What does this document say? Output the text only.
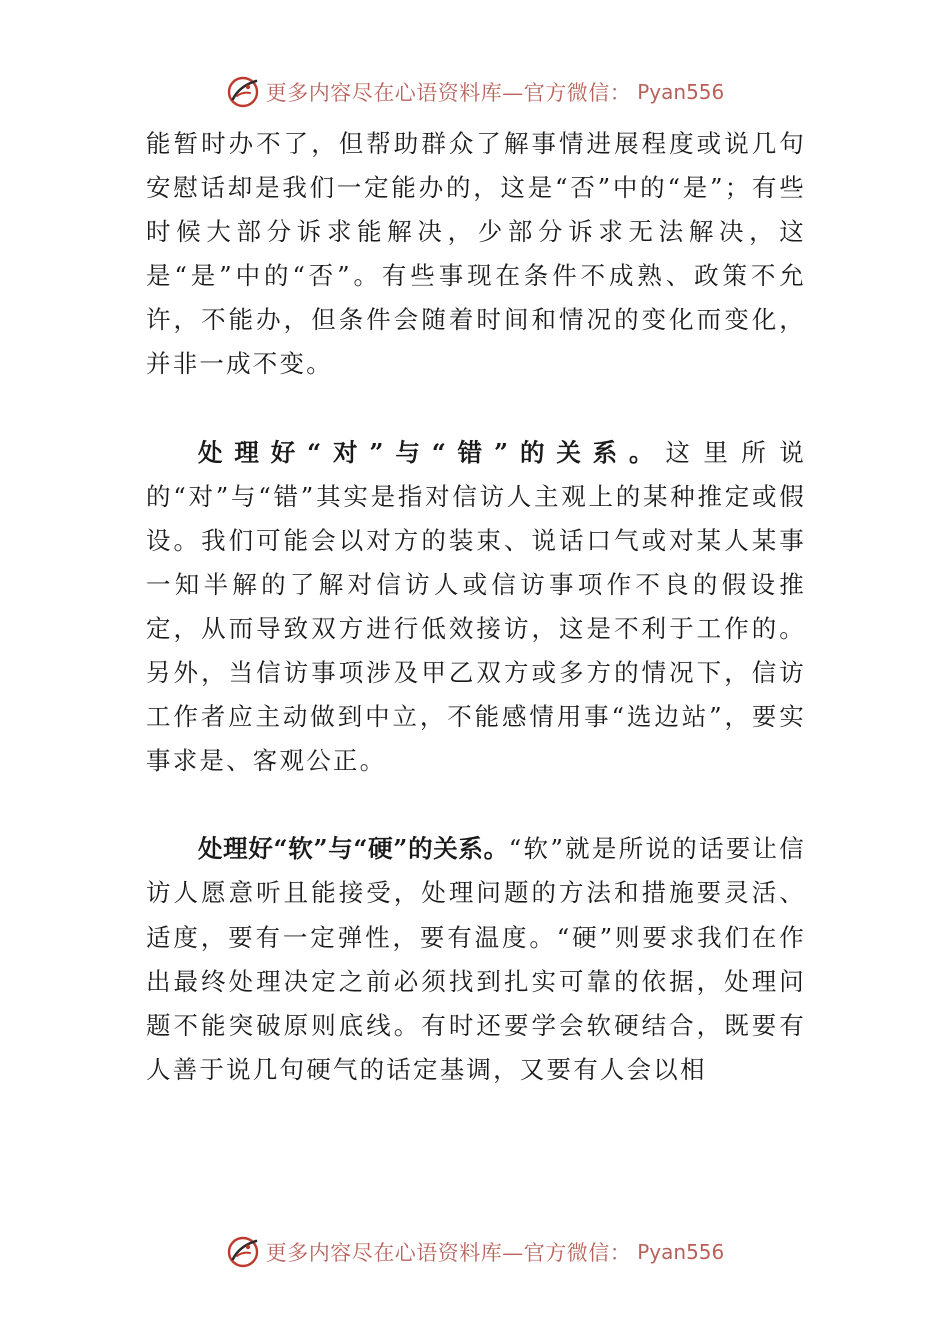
更多内容尽在心语资料库—官方微信： Pyan556

能暂时办不了，但帮助群众了解事情进展程度或说几句安慰话却是我们一定能办的，这是“否”中的“是”；有些时候大部分诉求能解决，少部分诉求无法解决，这是“是”中的“否”。有些事现在条件不成熟、政策不允许，不能办，但条件会随着时间和情况的变化而变化，并非一成不变。

处理好“对”与“错”的关系。这里所说的“对”与“错”其实是指对信访人主观上的某种推定或假设。我们可能会以对方的装束、说话口气或对某人某事一知半解的了解对信访人或信访事项作不良的假设推定，从而导致双方进行低效接访，这是不利于工作的。另外，当信访事项涉及甲乙双方或多方的情况下，信访工作者应主动做到中立，不能感情用事“选边站”，要实事求是、客观公正。

处理好“软”与“硬”的关系。“软”就是所说的话要让信访人愿意听且能接受，处理问题的方法和措施要灵活、适度，要有一定弹性，要有温度。“硬”则要求我们在作出最终处理决定之前必须找到扎实可靠的依据，处理问题不能突破原则底线。有时还要学会软硬结合，既要有人善于说几句硬气的话定基调，又要有人会以相

更多内容尽在心语资料库—官方微信： Pyan556
